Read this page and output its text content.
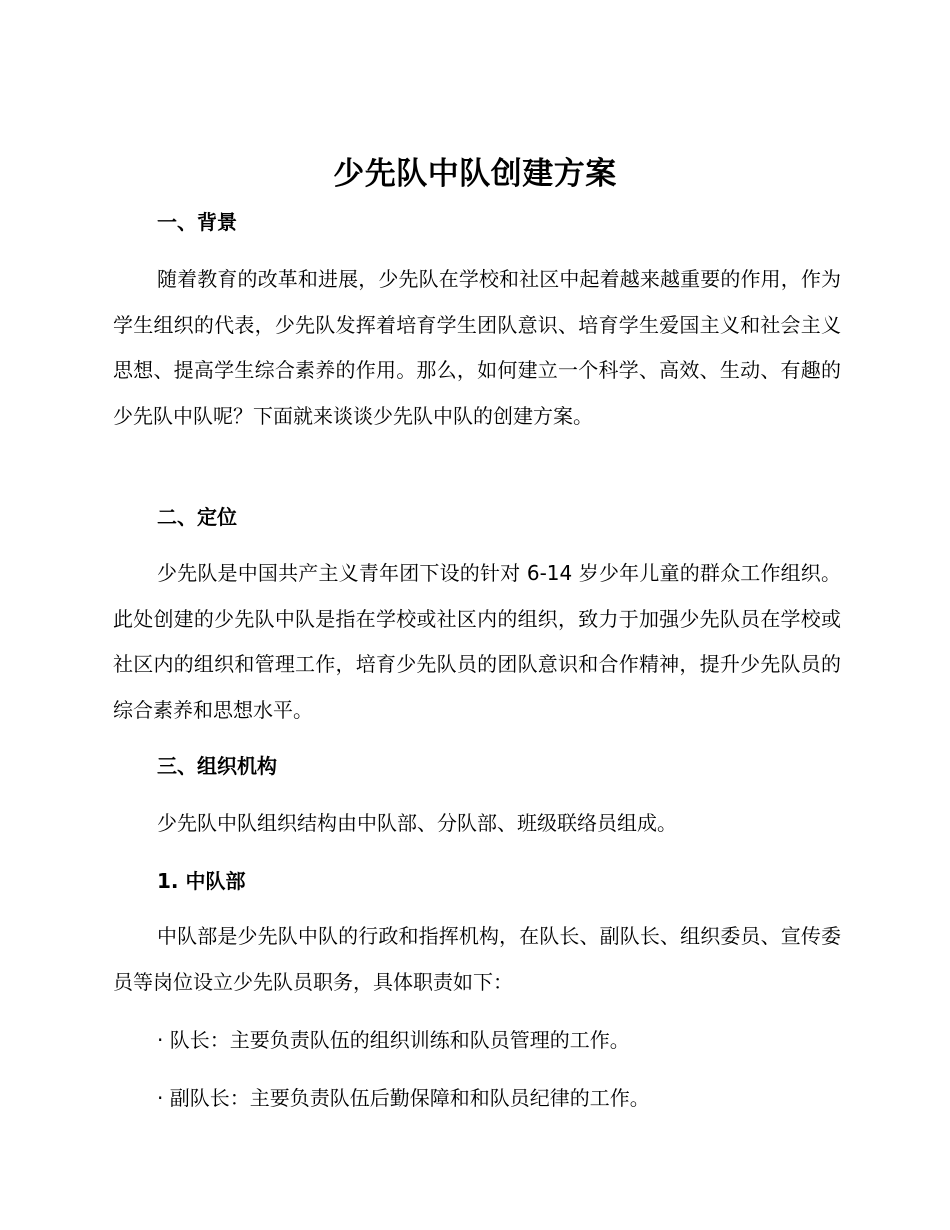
少先队中队创建方案
一、背景

随着教育的改革和进展，少先队在学校和社区中起着越来越重要的作用，作为学生组织的代表，少先队发挥着培育学生团队意识、培育学生爱国主义和社会主义思想、提高学生综合素养的作用。那么，如何建立一个科学、高效、生动、有趣的少先队中队呢？下面就来谈谈少先队中队的创建方案。

二、定位

少先队是中国共产主义青年团下设的针对 6-14 岁少年儿童的群众工作组织。此处创建的少先队中队是指在学校或社区内的组织，致力于加强少先队员在学校或社区内的组织和管理工作，培育少先队员的团队意识和合作精神，提升少先队员的综合素养和思想水平。

三、组织机构

少先队中队组织结构由中队部、分队部、班级联络员组成。

1. 中队部

中队部是少先队中队的行政和指挥机构，在队长、副队长、组织委员、宣传委员等岗位设立少先队员职务，具体职责如下：

· 队长：主要负责队伍的组织训练和队员管理的工作。
· 副队长：主要负责队伍后勤保障和和队员纪律的工作。
